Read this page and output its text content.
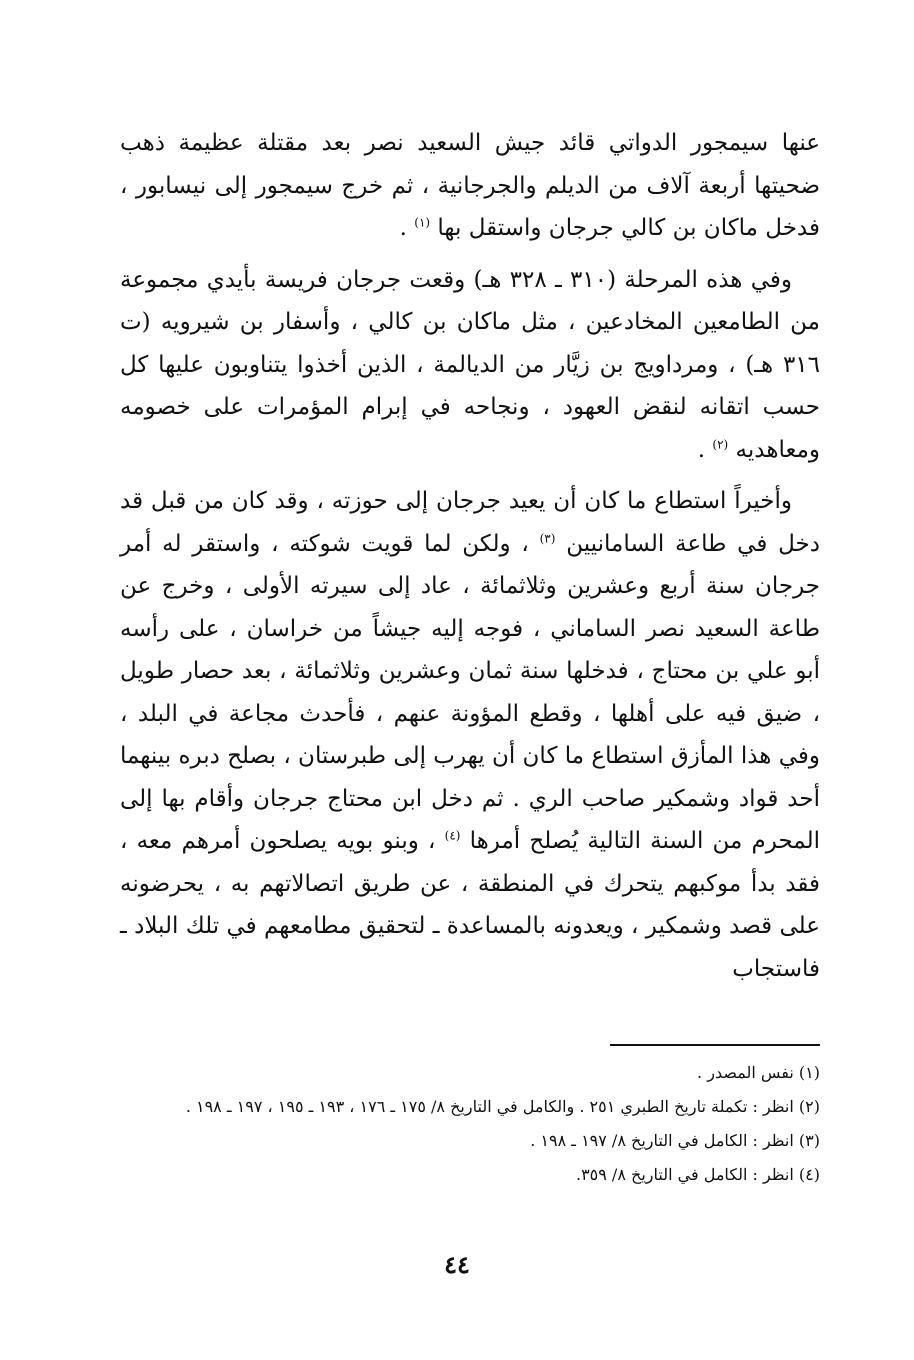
عنها سيمجور الدواتي قائد جيش السعيد نصر بعد مقتلة عظيمة ذهب ضحيتها أربعة آلاف من الديلم والجرجانية ، ثم خرج سيمجور إلى نيسابور ، فدخل ماكان بن كالي جرجان واستقل بها $^{(١)}$ .

وفي هذه المرحلة (٣١٠ ـ ٣٢٨ هـ) وقعت جرجان فريسة بأيدي مجموعة من الطامعين المخادعين ، مثل ماكان بن كالي ، وأسفار بن شيرويه (ت ٣١٦ هـ) ، ومرداويج بن زيَّار من الديالمة ، الذين أخذوا يتناوبون عليها كل حسب اتقانه لنقض العهود ، ونجاحه في إبرام المؤمرات على خصومه ومعاهديه $^{(٢)}$ .

وأخيراً استطاع ما كان أن يعيد جرجان إلى حوزته ، وقد كان من قبل قد دخل في طاعة السامانيين $^{(٣)}$ ، ولكن لما قويت شوكته ، واستقر له أمر جرجان سنة أربع وعشرين وثلاثمائة ، عاد إلى سيرته الأولى ، وخرج عن طاعة السعيد نصر الساماني ، فوجه إليه جيشاً من خراسان ، على رأسه أبو علي بن محتاج ، فدخلها سنة ثمان وعشرين وثلاثمائة ، بعد حصار طويل ، ضيق فيه على أهلها ، وقطع المؤونة عنهم ، فأحدث مجاعة في البلد ، وفي هذا المأزق استطاع ما كان أن يهرب إلى طبرستان ، بصلح دبره بينهما أحد قواد وشمكير صاحب الري . ثم دخل ابن محتاج جرجان وأقام بها إلى المحرم من السنة التالية يُصلح أمرها $^{(٤)}$ ، وبنو بويه يصلحون أمرهم معه ، فقد بدأ موكبهم يتحرك في المنطقة ، عن طريق اتصالاتهم به ، يحرضونه على قصد وشمكير ، ويعدونه بالمساعدة ـ لتحقيق مطامعهم في تلك البلاد ـ فاستجاب

(١) نفس المصدر .

(٢) انظر : تكملة تاريخ الطبري ٢٥١ . والكامل في التاريخ ٨/ ١٧٥ ـ ١٧٦ ، ١٩٣ ـ ١٩٥ ، ١٩٧ ـ ١٩٨ .

(٣) انظر : الكامل في التاريخ ٨/ ١٩٧ ـ ١٩٨ .

(٤) انظر : الكامل في التاريخ ٨/ ٣٥٩.

٤٤
